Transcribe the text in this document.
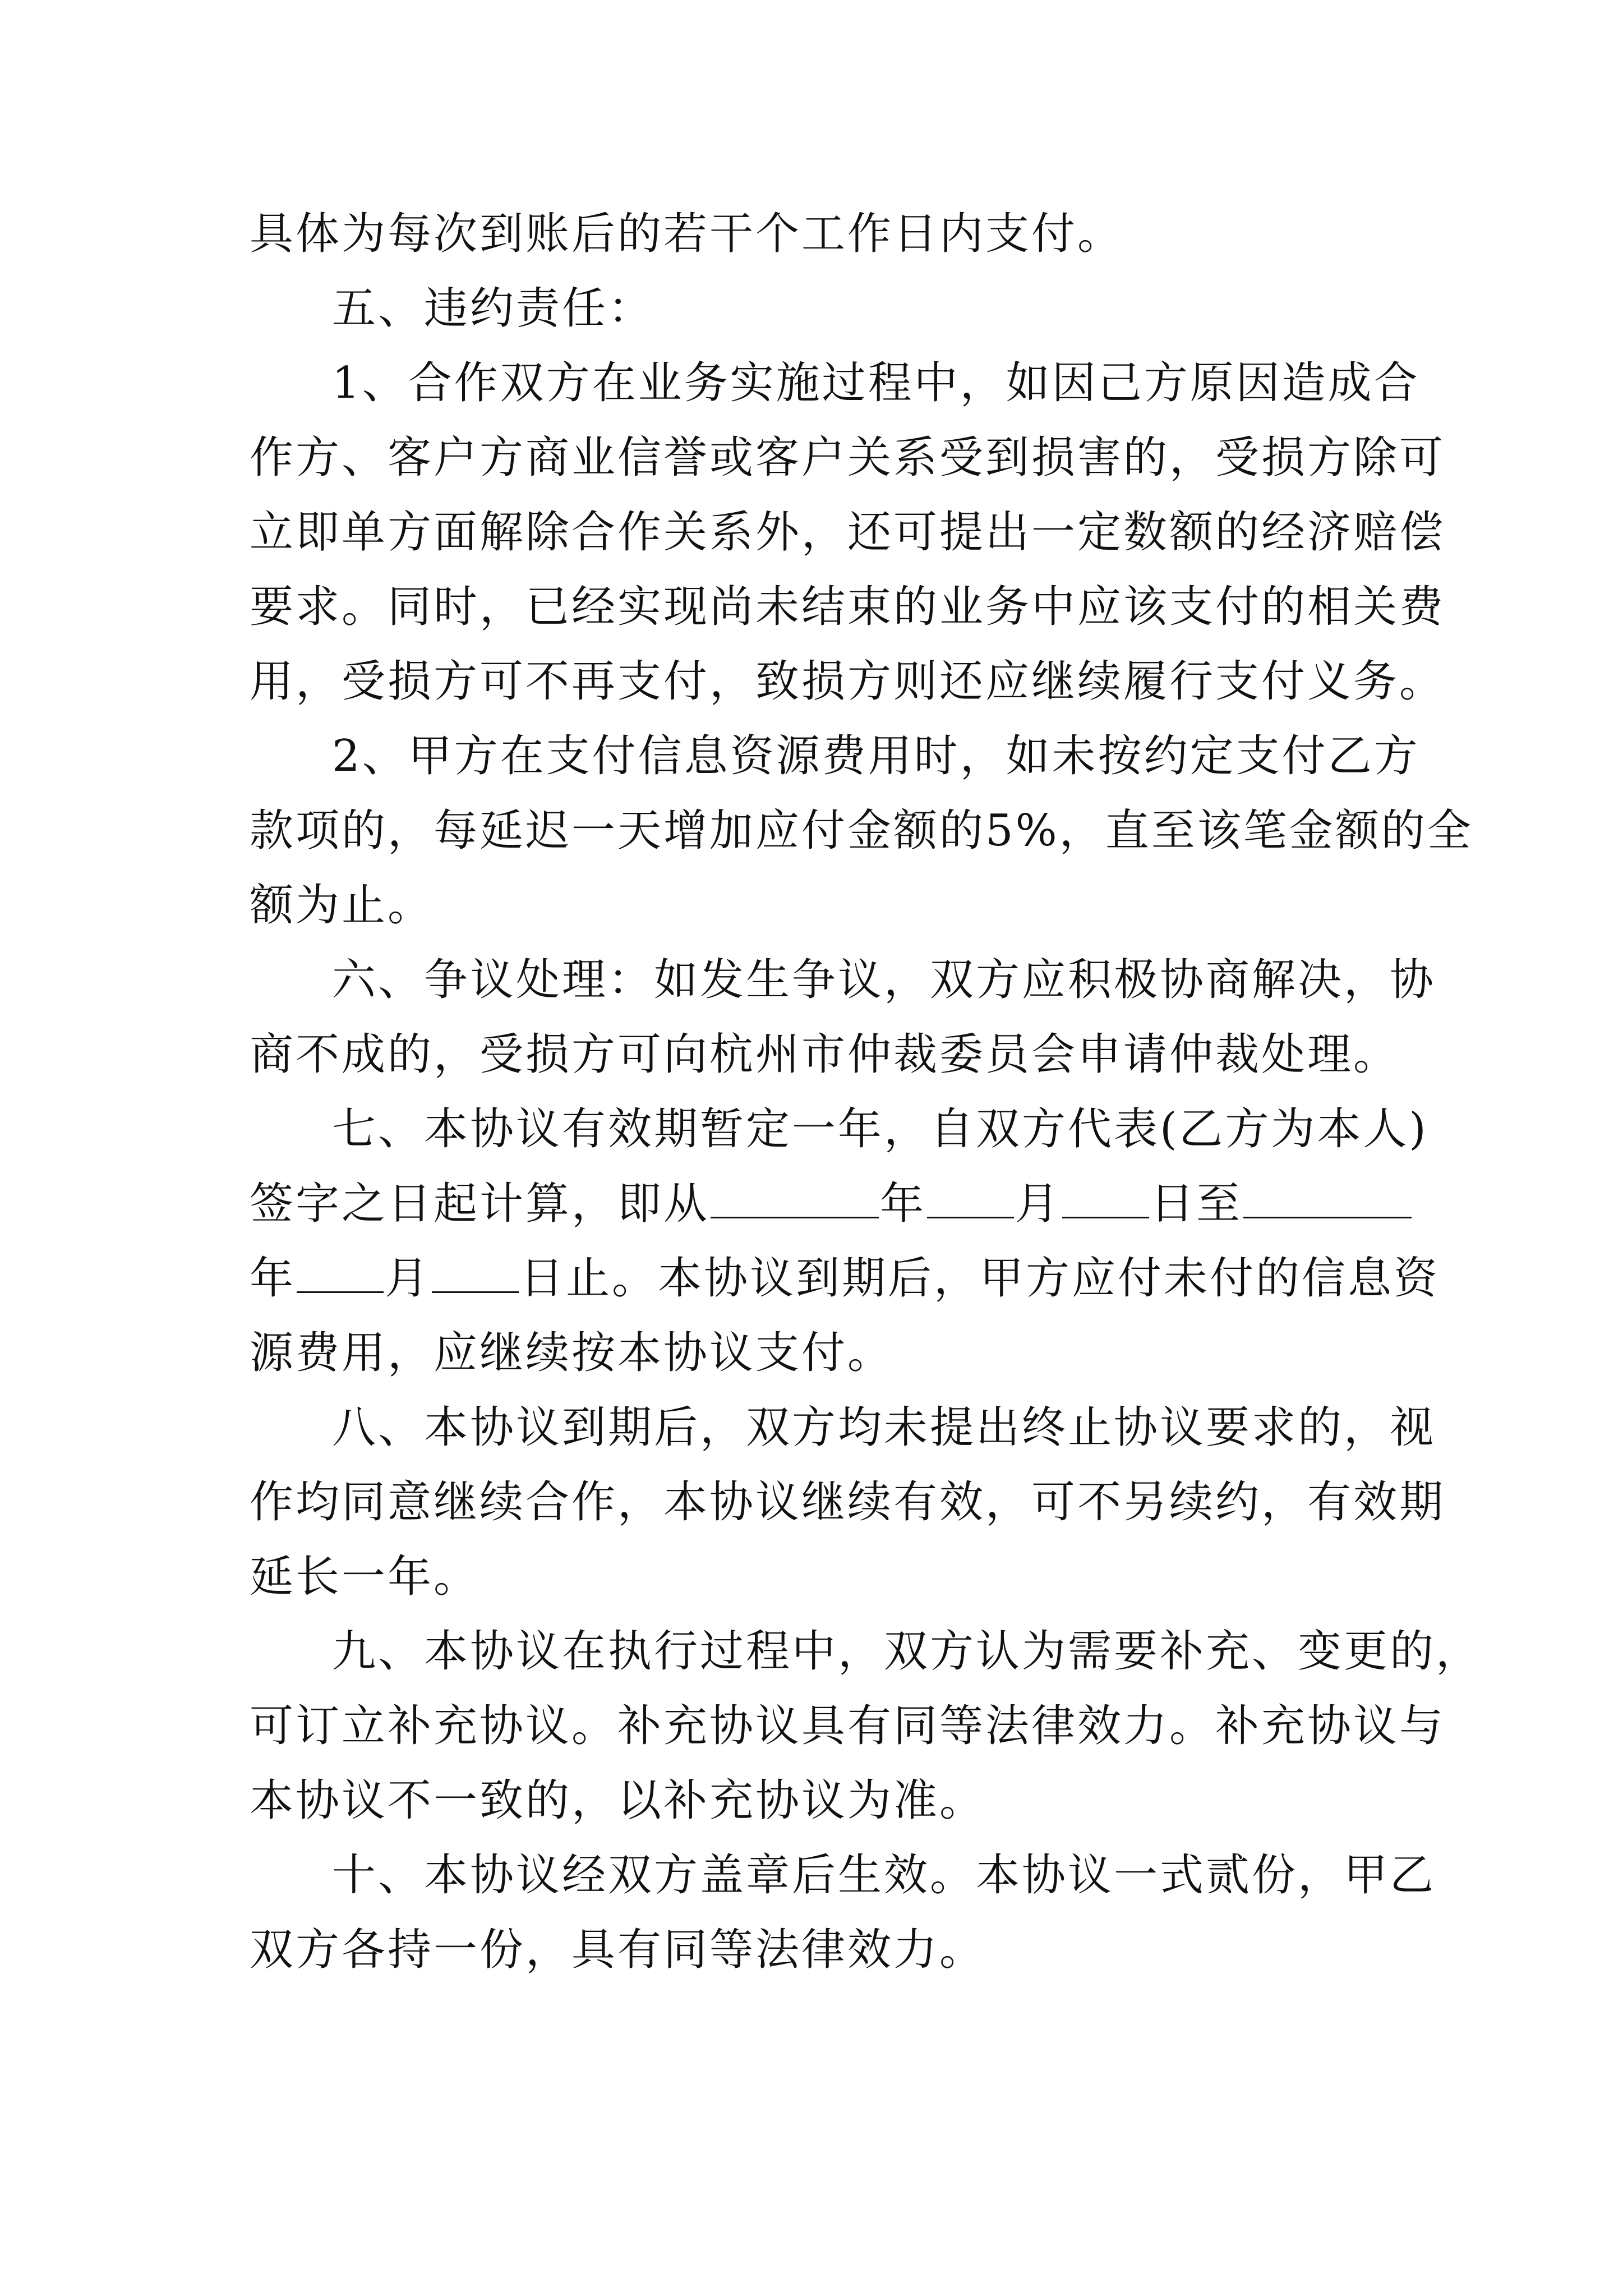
具体为每次到账后的若干个工作日内支付。
五、违约责任：
1、合作双方在业务实施过程中，如因己方原因造成合
作方、客户方商业信誉或客户关系受到损害的，受损方除可
立即单方面解除合作关系外，还可提出一定数额的经济赔偿
要求。同时，已经实现尚未结束的业务中应该支付的相关费
用，受损方可不再支付，致损方则还应继续履行支付义务。
2、甲方在支付信息资源费用时，如未按约定支付乙方
款项的，每延迟一天增加应付金额的5%，直至该笔金额的全
额为止。
六、争议处理：如发生争议，双方应积极协商解决，协
商不成的，受损方可向杭州市仲裁委员会申请仲裁处理。
七、本协议有效期暂定一年，自双方代表(乙方为本人)
签字之日起计算，即从	年 月 日至
年 月 日止。本协议到期后，甲方应付未付的信息资
源费用，应继续按本协议支付。
八、本协议到期后，双方均未提出终止协议要求的，视
作均同意继续合作，本协议继续有效，可不另续约，有效期
延长一年。
九、本协议在执行过程中，双方认为需要补充、变更的，
可订立补充协议。补充协议具有同等法律效力。补充协议与
本协议不一致的，以补充协议为准。
十、本协议经双方盖章后生效。本协议一式贰份，甲乙
双方各持一份，具有同等法律效力。
